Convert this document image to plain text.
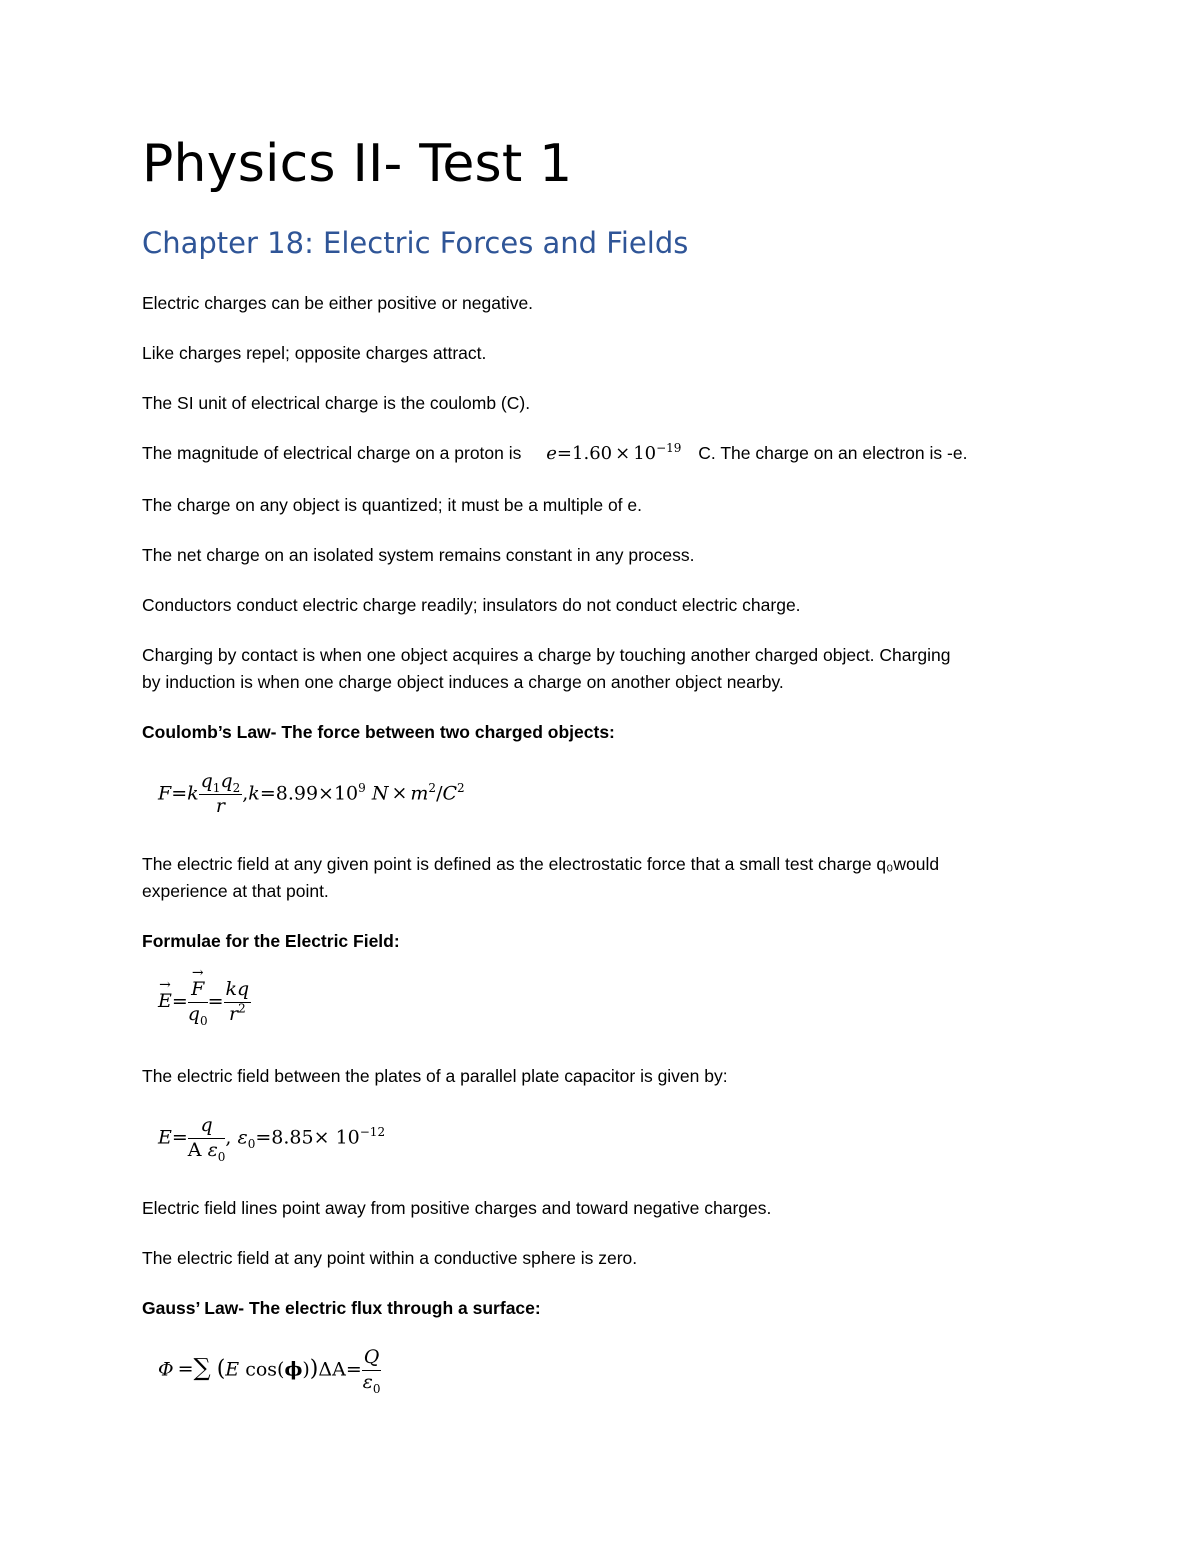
Physics II- Test 1
Chapter 18: Electric Forces and Fields
Electric charges can be either positive or negative.
Like charges repel; opposite charges attract.
The SI unit of electrical charge is the coulomb (C).
The magnitude of electrical charge on a proton is $e=1.60 \times 10^{-19}$ C. The charge on an electron is -e.
The charge on any object is quantized; it must be a multiple of e.
The net charge on an isolated system remains constant in any process.
Conductors conduct electric charge readily; insulators do not conduct electric charge.
Charging by contact is when one object acquires a charge by touching another charged object. Charging
by induction is when one charge object induces a charge on another object nearby.
Coulomb’s Law- The force between two charged objects:
$F=k \frac{q_1q_2}{r} ,k=8.99\times 10^9$ $N \times m^2/C^2$
The electric field at any given point is defined as the electrostatic force that a small test charge q₀would
experience at that point.
Formulae for the Electric Field:
→ E=
→ $\frac{F}{q_0} = \frac{kq}{r^2}$
The electric field between the plates of a parallel plate capacitor is given by:
$E= \frac{q}{A \varepsilon_0}$ , $\varepsilon_0=8.85\times 10^{-12}$
Electric field lines point away from positive charges and toward negative charges.
The electric field at any point within a conductive sphere is zero.
Gauss’ Law- The electric flux through a surface:
Φ =∑ (E $\cos(\phi))\Delta A= \frac{Q}{\varepsilon_0}$
